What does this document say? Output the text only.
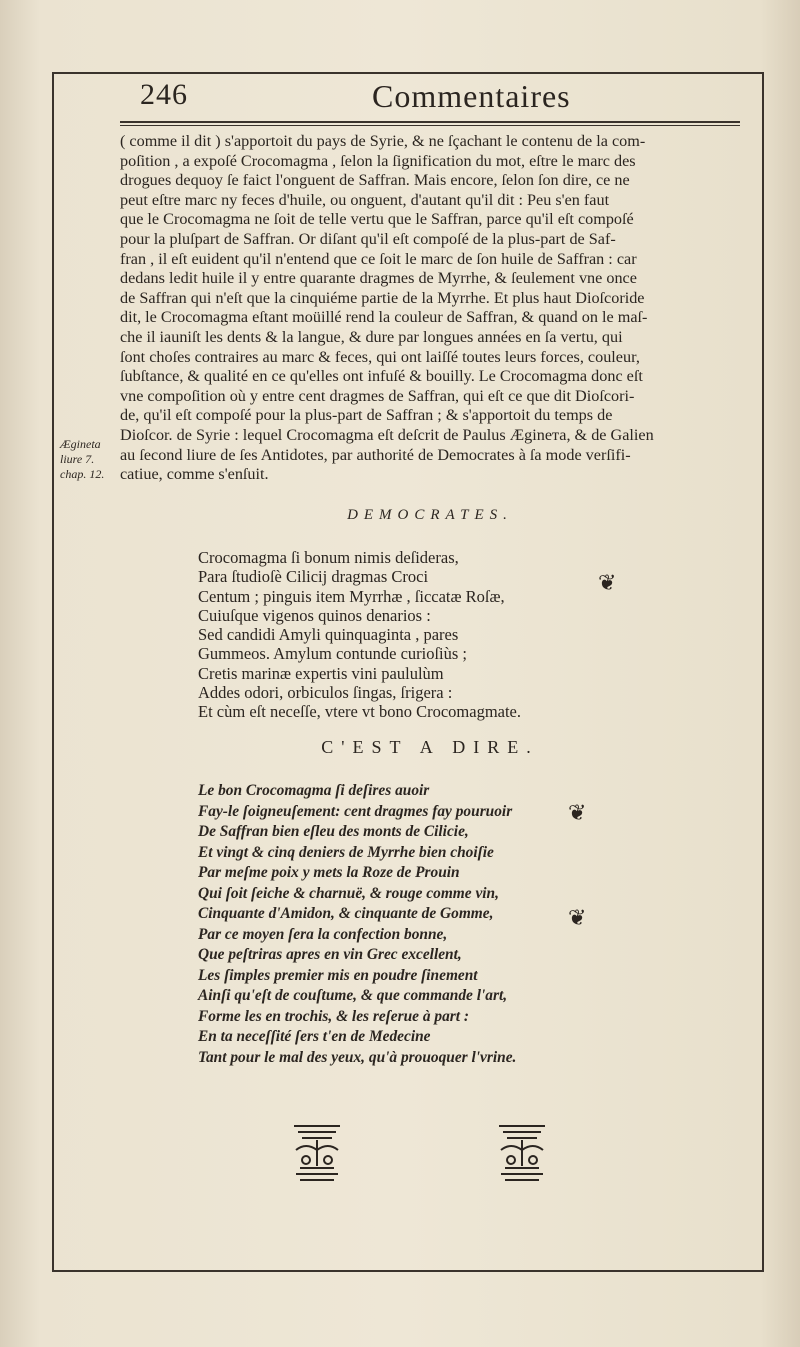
246	Commentaires
( comme il dit ) s'apportoit du pays de Syrie, & ne ſçachant le contenu de la com-
poſition , a expoſé Crocomagma , ſelon la ſignification du mot, eſtre le marc des
drogues dequoy ſe faict l'onguent de Saffran. Mais encore, ſelon ſon dire, ce ne
peut eſtre marc ny feces d'huile, ou onguent, d'autant qu'il dit : Peu s'en faut
que le Crocomagma ne ſoit de telle vertu que le Saffran, parce qu'il eſt compoſé
pour la pluſpart de Saffran. Or diſant qu'il eſt compoſé de la plus-part de Saf-
fran , il eſt euident qu'il n'entend que ce ſoit le marc de ſon huile de Saffran : car
dedans ledit huile il y entre quarante dragmes de Myrrhe, & ſeulement vne once
de Saffran qui n'eſt que la cinquiéme partie de la Myrrhe. Et plus haut Dioſcoride
dit, le Crocomagma eſtant moüillé rend la couleur de Saffran, & quand on le maſ-
che il iauniſt les dents & la langue, & dure par longues années en ſa vertu, qui
ſont choſes contraires au marc & feces, qui ont laiſſé toutes leurs forces, couleur,
ſubſtance, & qualité en ce qu'elles ont infuſé & bouilly. Le Crocomagma donc eſt
vne compoſition où y entre cent dragmes de Saffran, qui eſt ce que dit Dioſcori-
de, qu'il eſt compoſé pour la plus-part de Saffran ; & s'apportoit du temps de
Dioſcor. de Syrie : lequel Crocomagma eſt deſcrit de Paulus Æginета, & de Galien
au ſecond liure de ſes Antidotes, par authorité de Democrates à ſa mode verſifi-
catiue, comme s'enſuit.
Ægineta
liure 7.
chap. 12.
DEMOCRATES.
Crocomagma ſi bonum nimis deſideras,
Para ſtudioſè Cilicij dragmas Croci
Centum ; pinguis item Myrrhæ , ſiccatæ Roſæ,
Cuiuſque vigenos quinos denarios :
Sed candidi Amyli quinquaginta , pares
Gummeos. Amylum contunde curioſiùs ;
Cretis marinæ expertis vini paululùm
Addes odori, orbiculos ſingas, ſrigera :
Et cùm eſt neceſſe, vtere vt bono Crocomagmate.
❦
C'EST A DIRE.
Le bon Crocomagma ſi deſires auoir
Fay-le ſoigneuſement: cent dragmes fay pouruoir
De Saffran bien eſleu des monts de Cilicie,
Et vingt & cinq deniers de Myrrhe bien choiſie
Par meſme poix y mets la Roze de Prouin
Qui ſoit ſeiche & charnuë, & rouge comme vin,
Cinquante d'Amidon, & cinquante de Gomme,
Par ce moyen ſera la confection bonne,
Que peſtriras apres en vin Grec excellent,
Les ſimples premier mis en poudre ſinement
Ainſi qu'eſt de couſtume, & que commande l'art,
Forme les en trochis, & les reſerue à part :
En ta neceſſité ſers t'en de Medecine
Tant pour le mal des yeux, qu'à prouoquer l'vrine.
❦
❦
